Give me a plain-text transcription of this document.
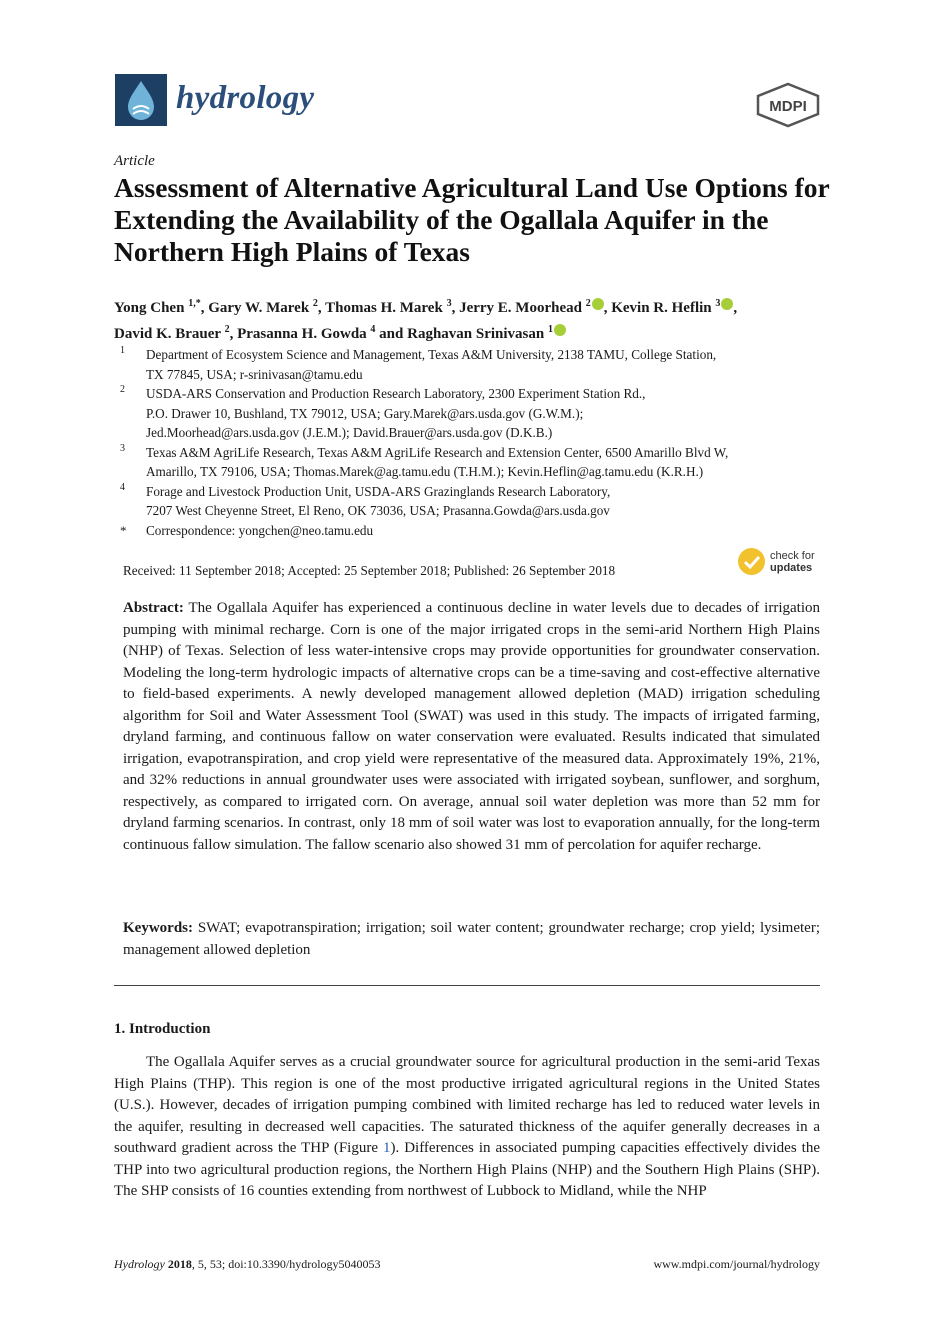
hydrology	MDPI
Article
Assessment of Alternative Agricultural Land Use Options for Extending the Availability of the Ogallala Aquifer in the Northern High Plains of Texas
Yong Chen $^{1,*}$, Gary W. Marek $^2$, Thomas H. Marek $^3$, Jerry E. Moorhead $^2$ , Kevin R. Heflin $^3$ ,
David K. Brauer $^2$, Prasanna H. Gowda $^4$ and Raghavan Srinivasan $^1$
1 Department of Ecosystem Science and Management, Texas A&M University, 2138 TAMU, College Station,
TX 77845, USA; r-srinivasan@tamu.edu
2 USDA-ARS Conservation and Production Research Laboratory, 2300 Experiment Station Rd.,
P.O. Drawer 10, Bushland, TX 79012, USA; Gary.Marek@ars.usda.gov (G.W.M.);
Jed.Moorhead@ars.usda.gov (J.E.M.); David.Brauer@ars.usda.gov (D.K.B.)
3 Texas A&M AgriLife Research, Texas A&M AgriLife Research and Extension Center, 6500 Amarillo Blvd W,
Amarillo, TX 79106, USA; Thomas.Marek@ag.tamu.edu (T.H.M.); Kevin.Heflin@ag.tamu.edu (K.R.H.)
4 Forage and Livestock Production Unit, USDA-ARS Grazinglands Research Laboratory,
7207 West Cheyenne Street, El Reno, OK 73036, USA; Prasanna.Gowda@ars.usda.gov
* Correspondence: yongchen@neo.tamu.edu
Received: 11 September 2018; Accepted: 25 September 2018; Published: 26 September 2018
check for
updates
Abstract: The Ogallala Aquifer has experienced a continuous decline in water levels due to decades of irrigation pumping with minimal recharge. Corn is one of the major irrigated crops in the semi-arid Northern High Plains (NHP) of Texas. Selection of less water-intensive crops may provide opportunities for groundwater conservation. Modeling the long-term hydrologic impacts of alternative crops can be a time-saving and cost-effective alternative to field-based experiments. A newly developed management allowed depletion (MAD) irrigation scheduling algorithm for Soil and Water Assessment Tool (SWAT) was used in this study. The impacts of irrigated farming, dryland farming, and continuous fallow on water conservation were evaluated. Results indicated that simulated irrigation, evapotranspiration, and crop yield were representative of the measured data. Approximately 19%, 21%, and 32% reductions in annual groundwater uses were associated with irrigated soybean, sunflower, and sorghum, respectively, as compared to irrigated corn. On average, annual soil water depletion was more than 52 mm for dryland farming scenarios. In contrast, only 18 mm of soil water was lost to evaporation annually, for the long-term continuous fallow simulation. The fallow scenario also showed 31 mm of percolation for aquifer recharge.
Keywords: SWAT; evapotranspiration; irrigation; soil water content; groundwater recharge; crop yield; lysimeter; management allowed depletion
1. Introduction
The Ogallala Aquifer serves as a crucial groundwater source for agricultural production in the semi-arid Texas High Plains (THP). This region is one of the most productive irrigated agricultural regions in the United States (U.S.). However, decades of irrigation pumping combined with limited recharge has led to reduced water levels in the aquifer, resulting in decreased well capacities. The saturated thickness of the aquifer generally decreases in a southward gradient across the THP (Figure 1). Differences in associated pumping capacities effectively divides the THP into two agricultural production regions, the Northern High Plains (NHP) and the Southern High Plains (SHP). The SHP consists of 16 counties extending from northwest of Lubbock to Midland, while the NHP
Hydrology 2018, 5, 53; doi:10.3390/hydrology5040053	www.mdpi.com/journal/hydrology
